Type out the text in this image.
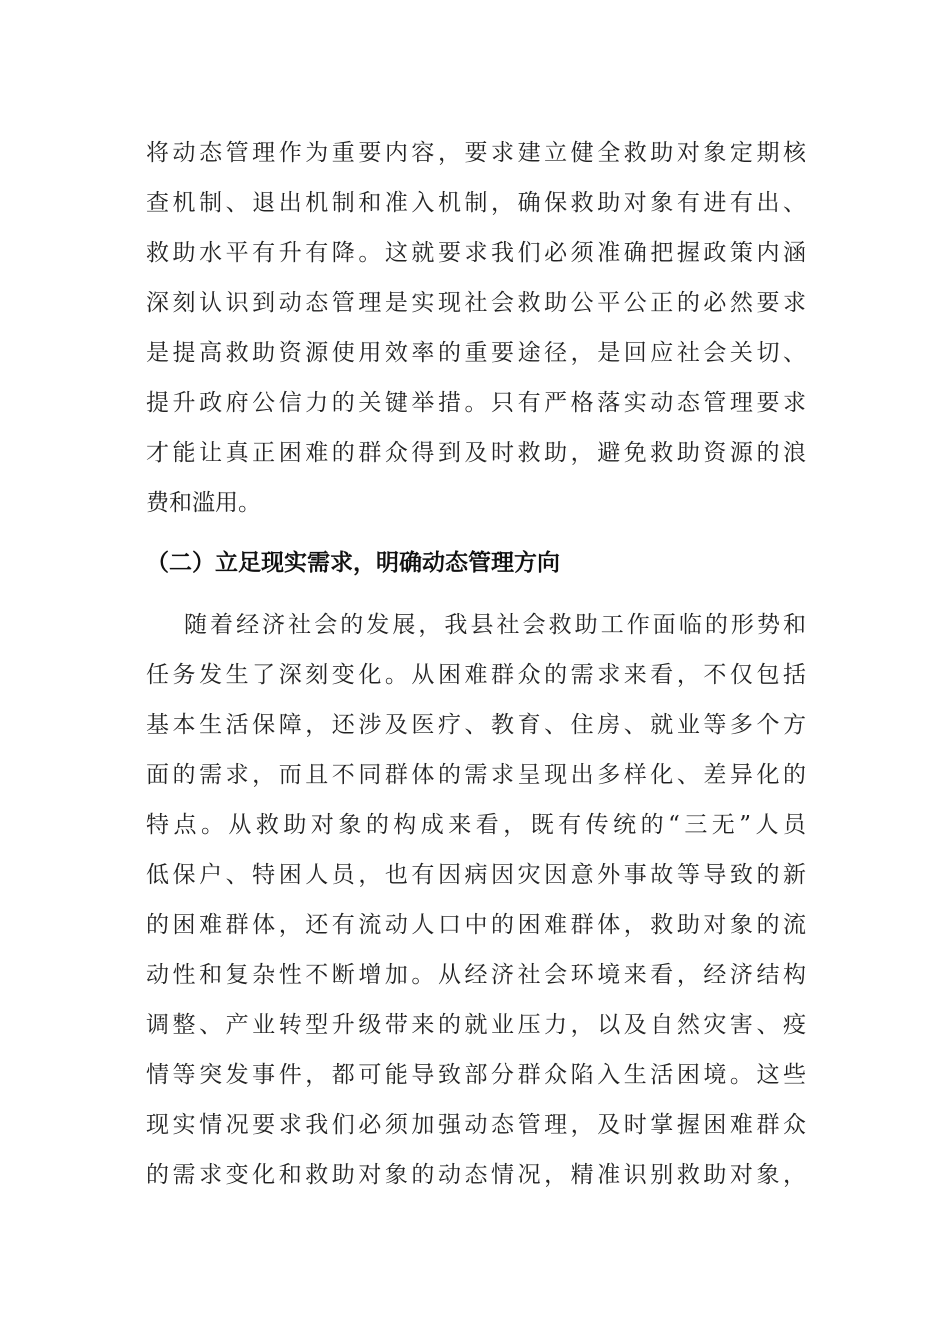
将动态管理作为重要内容，要求建立健全救助对象定期核
查机制、退出机制和准入机制，确保救助对象有进有出、
救助水平有升有降。这就要求我们必须准确把握政策内涵
深刻认识到动态管理是实现社会救助公平公正的必然要求
是提高救助资源使用效率的重要途径，是回应社会关切、
提升政府公信力的关键举措。只有严格落实动态管理要求
才能让真正困难的群众得到及时救助，避免救助资源的浪
费和滥用。
（二）立足现实需求，明确动态管理方向
随着经济社会的发展，我县社会救助工作面临的形势和
任务发生了深刻变化。从困难群众的需求来看，不仅包括
基本生活保障，还涉及医疗、教育、住房、就业等多个方
面的需求，而且不同群体的需求呈现出多样化、差异化的
特点。从救助对象的构成来看，既有传统的“三无”人员
低保户、特困人员，也有因病因灾因意外事故等导致的新
的困难群体，还有流动人口中的困难群体，救助对象的流
动性和复杂性不断增加。从经济社会环境来看，经济结构
调整、产业转型升级带来的就业压力，以及自然灾害、疫
情等突发事件，都可能导致部分群众陷入生活困境。这些
现实情况要求我们必须加强动态管理，及时掌握困难群众
的需求变化和救助对象的动态情况，精准识别救助对象，
